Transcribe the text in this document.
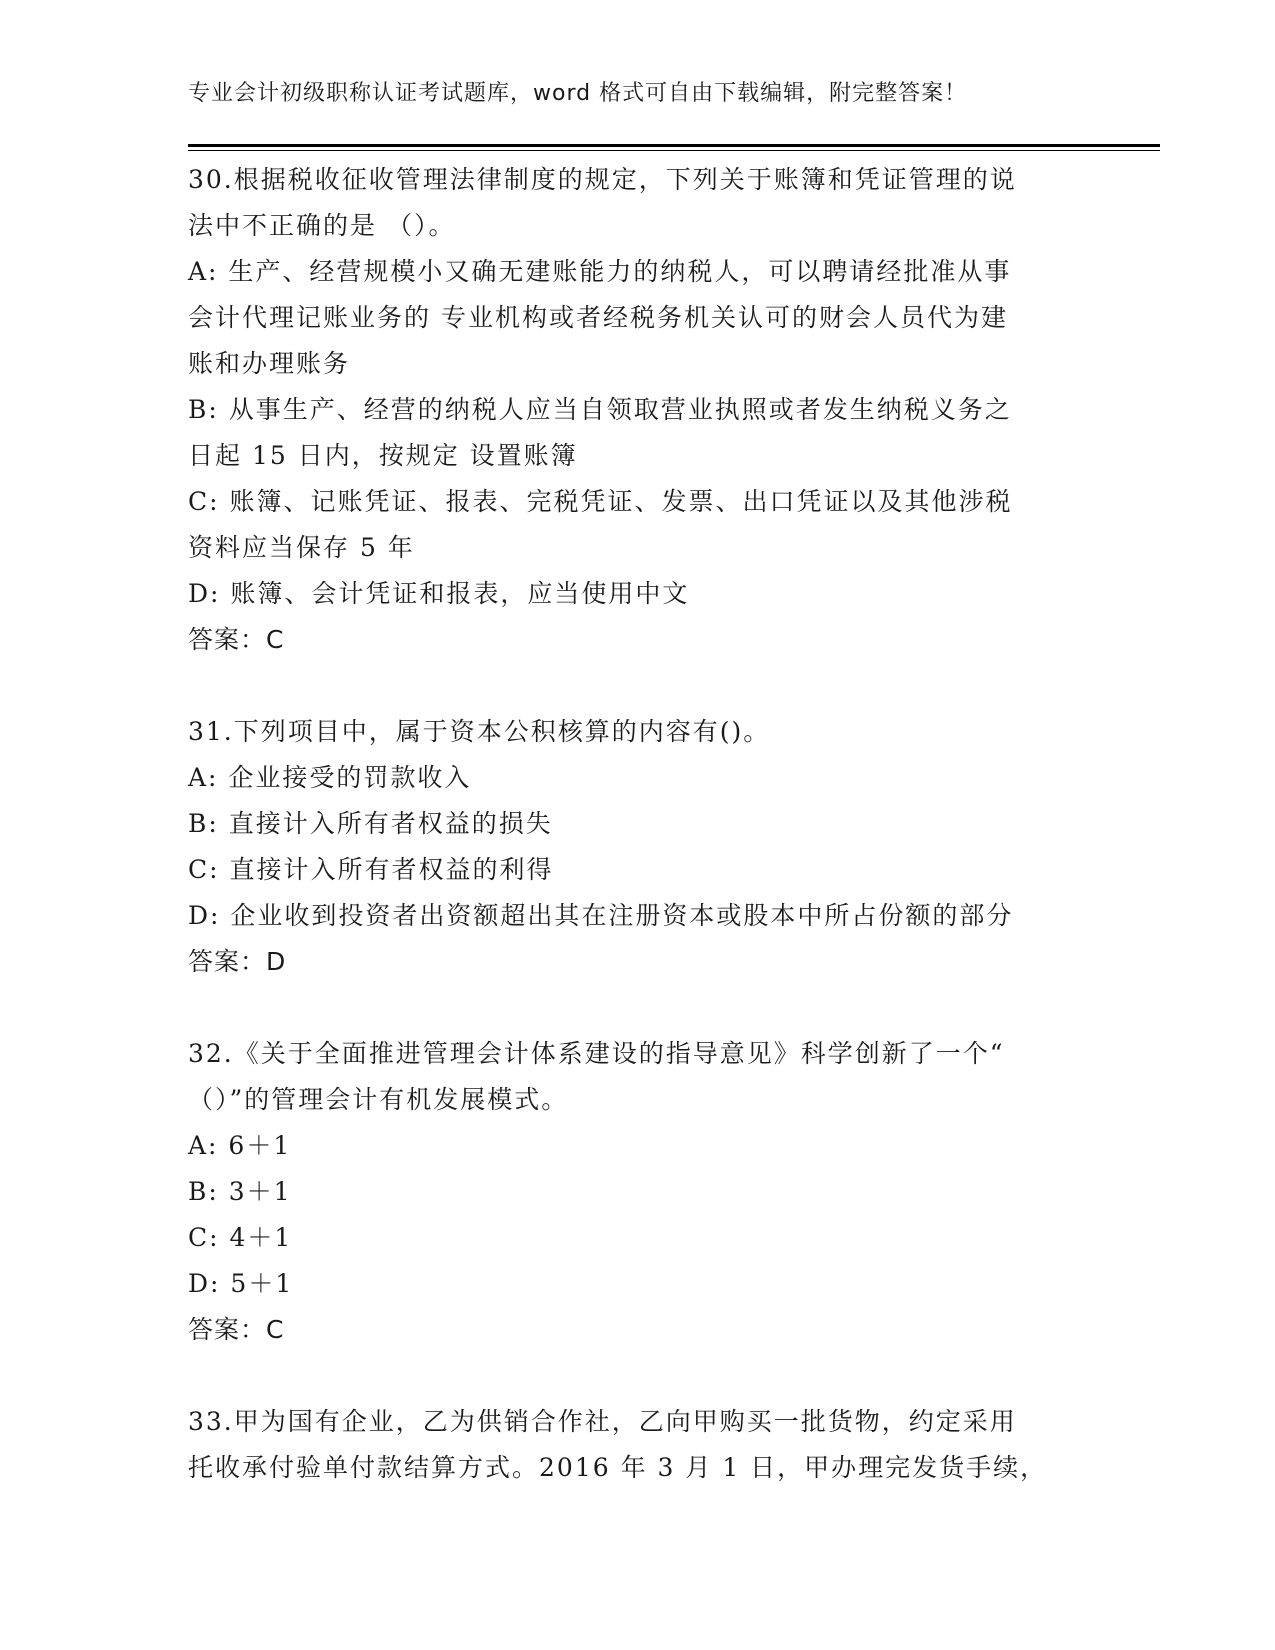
专业会计初级职称认证考试题库，word 格式可自由下载编辑，附完整答案！
30.根据税收征收管理法律制度的规定，下列关于账簿和凭证管理的说
法中不正确的是 （）。
A: 生产、经营规模小又确无建账能力的纳税人，可以聘请经批准从事
会计代理记账业务的 专业机构或者经税务机关认可的财会人员代为建
账和办理账务
B: 从事生产、经营的纳税人应当自领取营业执照或者发生纳税义务之
日起 15 日内，按规定 设置账簿
C: 账簿、记账凭证、报表、完税凭证、发票、出口凭证以及其他涉税
资料应当保存 5 年
D: 账簿、会计凭证和报表，应当使用中文
答案：C
31.下列项目中，属于资本公积核算的内容有()。
A: 企业接受的罚款收入
B: 直接计入所有者权益的损失
C: 直接计入所有者权益的利得
D: 企业收到投资者出资额超出其在注册资本或股本中所占份额的部分
答案：D
32.《关于全面推进管理会计体系建设的指导意见》科学创新了一个“
（）”的管理会计有机发展模式。
A: 6＋1
B: 3＋1
C: 4＋1
D: 5＋1
答案：C
33.甲为国有企业，乙为供销合作社，乙向甲购买一批货物，约定采用
托收承付验单付款结算方式。2016 年 3 月 1 日，甲办理完发货手续，
